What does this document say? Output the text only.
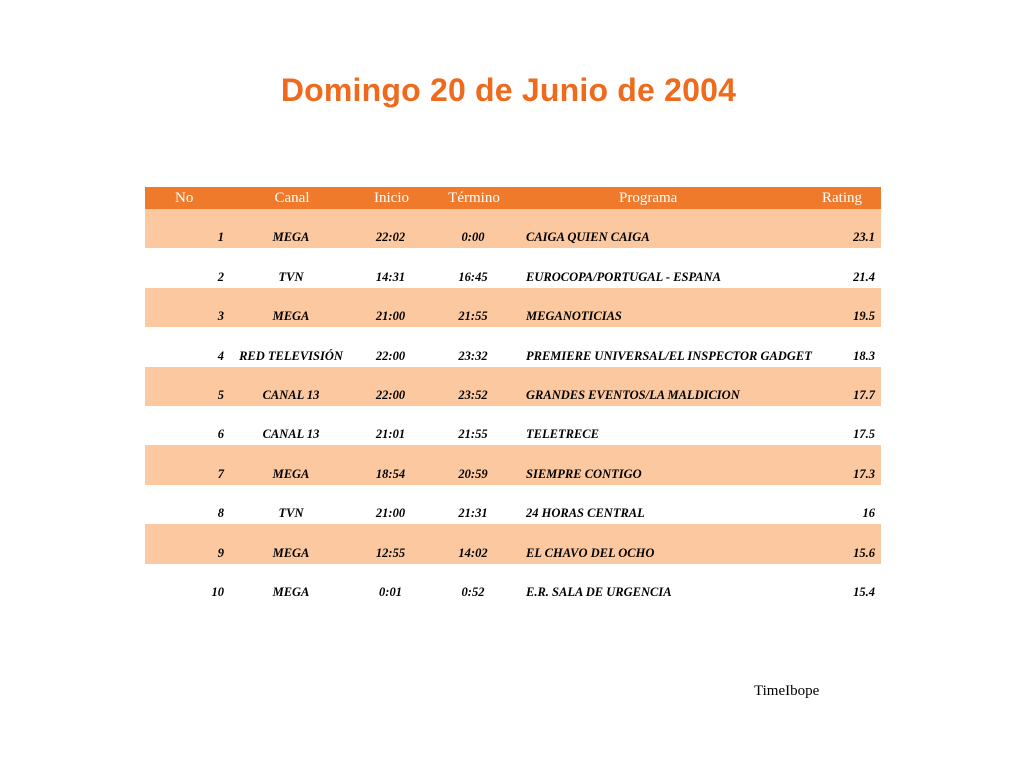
Domingo 20 de Junio de 2004
No	Canal	Inicio	Término	Programa	Rating
1	MEGA	22:02	0:00	CAIGA QUIEN CAIGA	23.1
2	TVN	14:31	16:45	EUROCOPA/PORTUGAL - ESPANA	21.4
3	MEGA	21:00	21:55	MEGANOTICIAS	19.5
4	RED TELEVISIÓN	22:00	23:32	PREMIERE UNIVERSAL/EL INSPECTOR GADGET	18.3
5	CANAL 13	22:00	23:52	GRANDES EVENTOS/LA MALDICION	17.7
6	CANAL 13	21:01	21:55	TELETRECE	17.5
7	MEGA	18:54	20:59	SIEMPRE CONTIGO	17.3
8	TVN	21:00	21:31	24 HORAS CENTRAL	16
9	MEGA	12:55	14:02	EL CHAVO DEL OCHO	15.6
10	MEGA	0:01	0:52	E.R. SALA DE URGENCIA	15.4
TimeIbope
